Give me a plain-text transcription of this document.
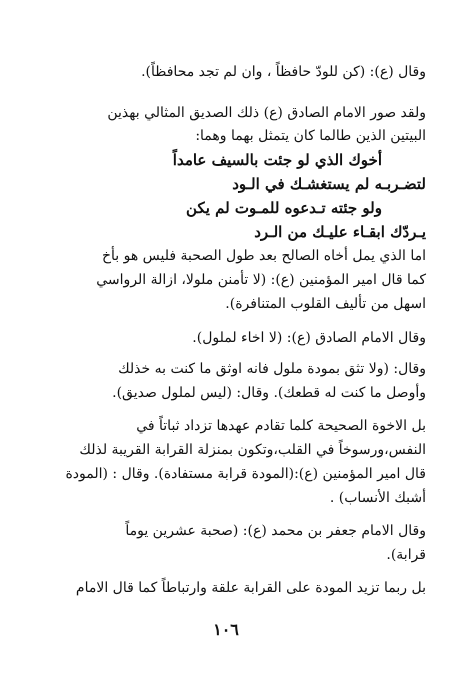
وقال (ع): (كن للودّ حافظاً ، وان لم تجد محافظاً).
ولقد صور الامام الصادق (ع) ذلك الصديق المثالي بهذين
البيتين الذين طالما كان يتمثل بهما وهما:
أخوك الذي لو جئت بالسيف عامداً
لتضـربـه لم يستغشـك في الـود
ولو جئته تـدعوه للمـوت لم يكن
يـردّك ابقـاء عليـك من الـرد
اما الذي يمل أخاه الصالح بعد طول الصحبة فليس هو بأخ
كما قال امير المؤمنين (ع): (لا تأمنن ملولا، ازالة الرواسي
اسهل من تأليف القلوب المتنافرة).
وقال الامام الصادق (ع): (لا اخاء لملول).
وقال: (ولا تثق بمودة ملول فانه اوثق ما كنت به خذلك
وأوصل ما كنت له قطعك). وقال: (ليس لملول صديق).
بل الاخوة الصحيحة كلما تقادم عهدها تزداد ثباتاً في
النفس،ورسوخاً في القلب،وتكون بمنزلة القرابة القريبة لذلك
قال امير المؤمنين (ع):(المودة قرابة مستفادة). وقال : (المودة
أشبك الأنساب) .
وقال الامام جعفر بن محمد (ع): (صحبة عشرين يوماً
قرابة).
بل ربما تزيد المودة على القرابة علقة وارتباطاً كما قال الامام
١٠٦
